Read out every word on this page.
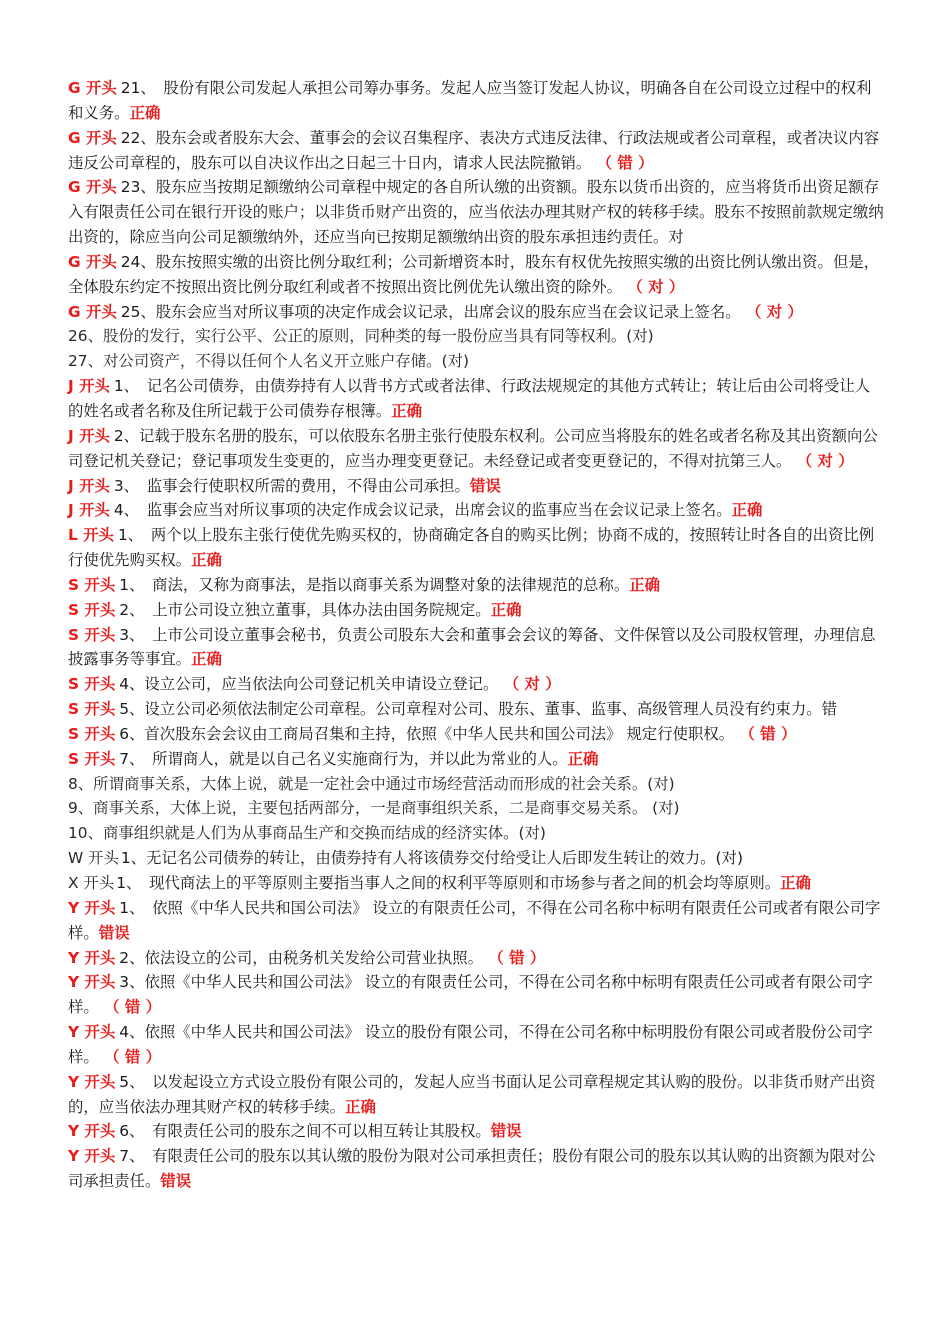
G 开头 21、　股份有限公司发起人承担公司筹办事务。发起人应当签订发起人协议，明确各自在公司设立过程中的权利和义务。正确

G 开头 22、股东会或者股东大会、董事会的会议召集程序、表决方式违反法律、行政法规或者公司章程，或者决议内容违反公司章程的，股东可以自决议作出之日起三十日内，请求人民法院撤销。 （ 错 ）

G 开头 23、股东应当按期足额缴纳公司章程中规定的各自所认缴的出资额。股东以货币出资的，应当将货币出资足额存入有限责任公司在银行开设的账户；以非货币财产出资的，应当依法办理其财产权的转移手续。股东不按照前款规定缴纳出资的，除应当向公司足额缴纳外，还应当向已按期足额缴纳出资的股东承担违约责任。对

G 开头 24、股东按照实缴的出资比例分取红利；公司新增资本时，股东有权优先按照实缴的出资比例认缴出资。但是，全体股东约定不按照出资比例分取红利或者不按照出资比例优先认缴出资的除外。 （ 对 ）

G 开头 25、股东会应当对所议事项的决定作成会议记录，出席会议的股东应当在会议记录上签名。 （ 对 ）

26、股份的发行，实行公平、公正的原则，同种类的每一股份应当具有同等权利。(对)

27、对公司资产，不得以任何个人名义开立账户存储。(对)

J 开头 1、　记名公司债券，由债券持有人以背书方式或者法律、行政法规规定的其他方式转让；转让后由公司将受让人的姓名或者名称及住所记载于公司债券存根簿。正确

J 开头 2、记载于股东名册的股东，可以依股东名册主张行使股东权利。公司应当将股东的姓名或者名称及其出资额向公司登记机关登记；登记事项发生变更的，应当办理变更登记。未经登记或者变更登记的，不得对抗第三人。 （ 对 ）

J 开头 3、　监事会行使职权所需的费用，不得由公司承担。错误

J 开头 4、　监事会应当对所议事项的决定作成会议记录，出席会议的监事应当在会议记录上签名。正确

L 开头 1、　两个以上股东主张行使优先购买权的，协商确定各自的购买比例；协商不成的，按照转让时各自的出资比例行使优先购买权。正确

S 开头 1、　商法，又称为商事法，是指以商事关系为调整对象的法律规范的总称。正确

S 开头 2、　上市公司设立独立董事，具体办法由国务院规定。正确

S 开头 3、　上市公司设立董事会秘书，负责公司股东大会和董事会会议的筹备、文件保管以及公司股权管理，办理信息披露事务等事宜。正确

S 开头 4、设立公司，应当依法向公司登记机关申请设立登记。 （ 对 ）

S 开头 5、设立公司必须依法制定公司章程。公司章程对公司、股东、董事、监事、高级管理人员没有约束力。错

S 开头 6、首次股东会会议由工商局召集和主持，依照《中华人民共和国公司法》 规定行使职权。 （ 错 ）

S 开头 7、　所谓商人，就是以自己名义实施商行为，并以此为常业的人。正确

8、所谓商事关系，大体上说，就是一定社会中通过市场经营活动而形成的社会关系。(对)

9、商事关系，大体上说，主要包括两部分，一是商事组织关系，二是商事交易关系。 (对)

10、商事组织就是人们为从事商品生产和交换而结成的经济实体。(对)

W 开头 1、无记名公司债券的转让，由债券持有人将该债券交付给受让人后即发生转让的效力。(对)

X 开头 1、　现代商法上的平等原则主要指当事人之间的权利平等原则和市场参与者之间的机会均等原则。正确

Y 开头 1、　依照《中华人民共和国公司法》 设立的有限责任公司，不得在公司名称中标明有限责任公司或者有限公司字样。错误

Y 开头 2、依法设立的公司，由税务机关发给公司营业执照。 （ 错 ）

Y 开头 3、依照《中华人民共和国公司法》 设立的有限责任公司，不得在公司名称中标明有限责任公司或者有限公司字样。 （ 错 ）

Y 开头 4、依照《中华人民共和国公司法》 设立的股份有限公司，不得在公司名称中标明股份有限公司或者股份公司字样。 （ 错 ）

Y 开头 5、　以发起设立方式设立股份有限公司的，发起人应当书面认足公司章程规定其认购的股份。以非货币财产出资的，应当依法办理其财产权的转移手续。正确

Y 开头 6、　有限责任公司的股东之间不可以相互转让其股权。错误

Y 开头 7、　有限责任公司的股东以其认缴的股份为限对公司承担责任；股份有限公司的股东以其认购的出资额为限对公司承担责任。错误
